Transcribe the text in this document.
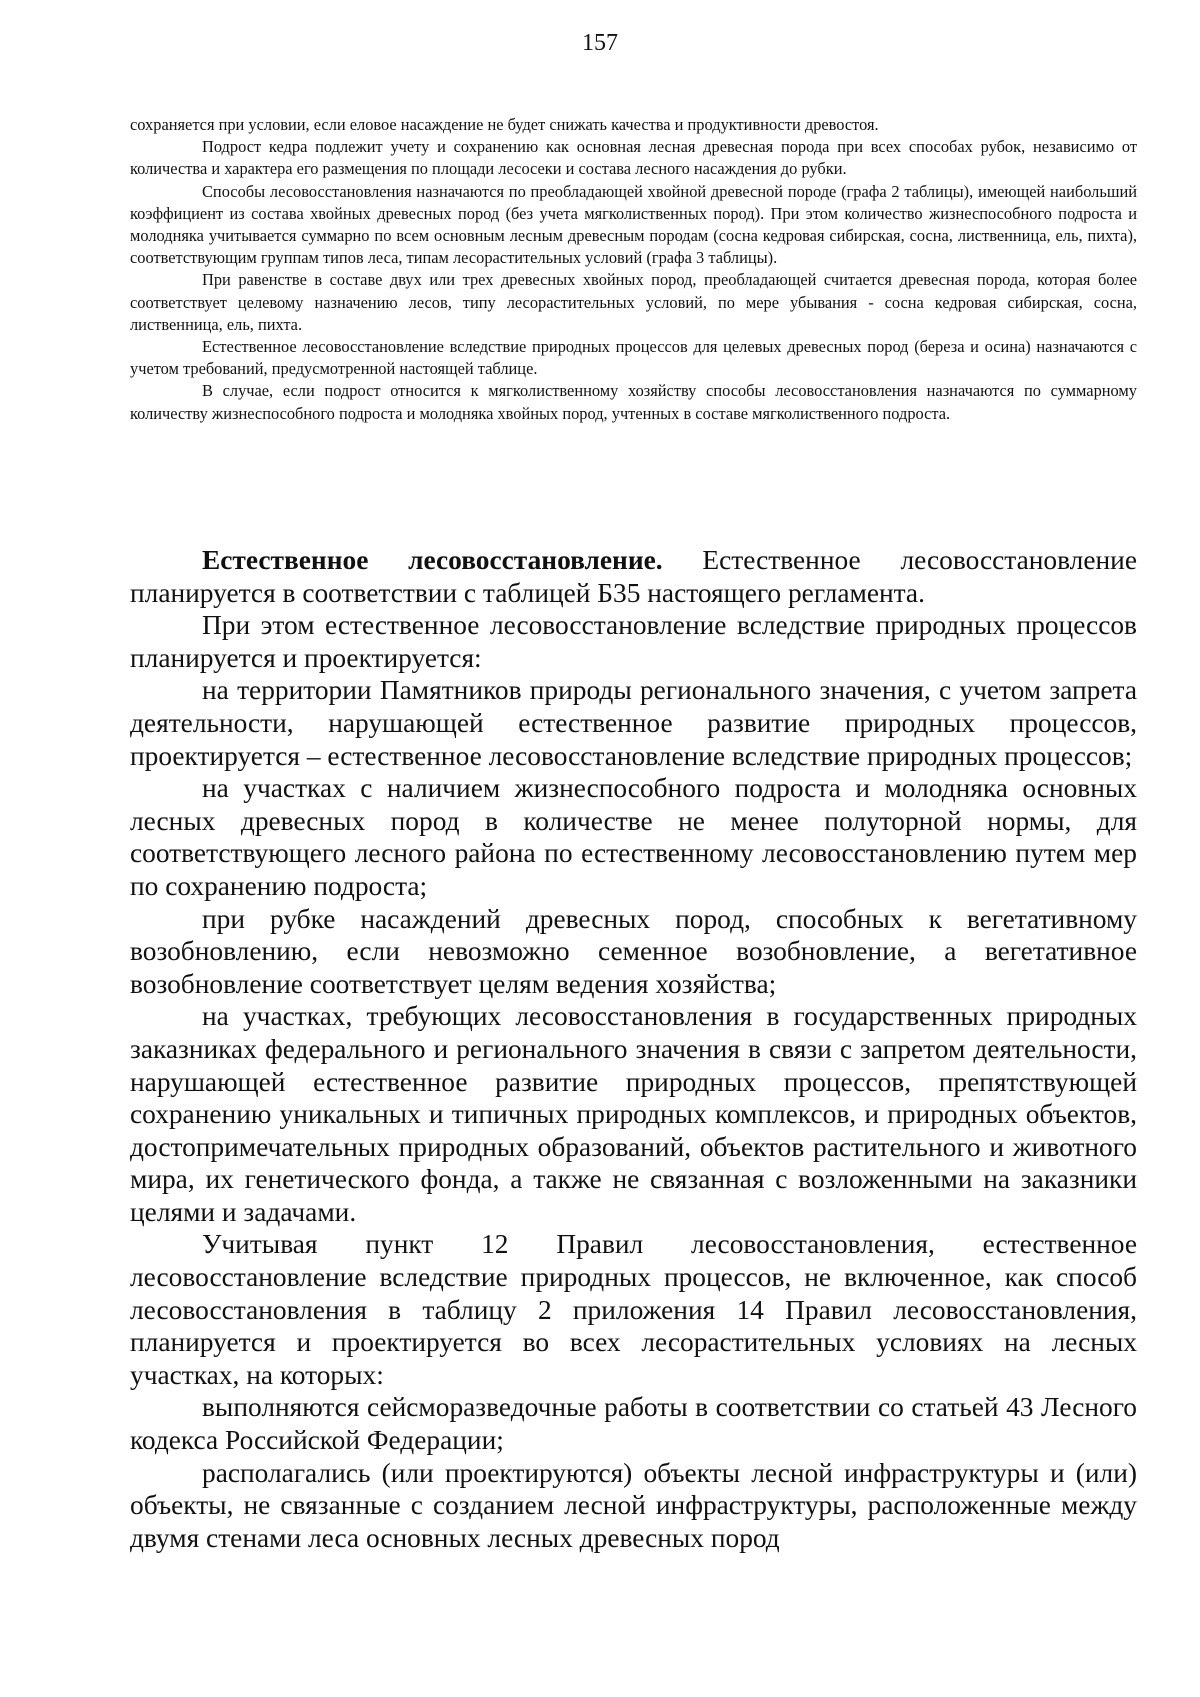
157

сохраняется при условии, если еловое насаждение не будет снижать качества и продуктивности древостоя.

Подрост кедра подлежит учету и сохранению как основная лесная древесная порода при всех способах рубок, независимо от количества и характера его размещения по площади лесосеки и состава лесного насаждения до рубки.

Способы лесовосстановления назначаются по преобладающей хвойной древесной породе (графа 2 таблицы), имеющей наибольший коэффициент из состава хвойных древесных пород (без учета мягколиственных пород). При этом количество жизнеспособного подроста и молодняка учитывается суммарно по всем основным лесным древесным породам (сосна кедровая сибирская, сосна, лиственница, ель, пихта), соответствующим группам типов леса, типам лесорастительных условий (графа 3 таблицы).

При равенстве в составе двух или трех древесных хвойных пород, преобладающей считается древесная порода, которая более соответствует целевому назначению лесов, типу лесорастительных условий, по мере убывания - сосна кедровая сибирская, сосна, лиственница, ель, пихта.

Естественное лесовосстановление вследствие природных процессов для целевых древесных пород (береза и осина) назначаются с учетом требований, предусмотренной настоящей таблице.

В случае, если подрост относится к мягколиственному хозяйству способы лесовосстановления назначаются по суммарному количеству жизнеспособного подроста и молодняка хвойных пород, учтенных в составе мягколиственного подроста.

Естественное лесовосстановление. Естественное лесовосстановление планируется в соответствии с таблицей Б35 настоящего регламента.

При этом естественное лесовосстановление вследствие природных процессов планируется и проектируется:

на территории Памятников природы регионального значения, с учетом запрета деятельности, нарушающей естественное развитие природных процессов, проектируется – естественное лесовосстановление вследствие природных процессов;

на участках с наличием жизнеспособного подроста и молодняка основных лесных древесных пород в количестве не менее полуторной нормы, для соответствующего лесного района по естественному лесовосстановлению путем мер по сохранению подроста;

при рубке насаждений древесных пород, способных к вегетативному возобновлению, если невозможно семенное возобновление, а вегетативное возобновление соответствует целям ведения хозяйства;

на участках, требующих лесовосстановления в государственных природных заказниках федерального и регионального значения в связи с запретом деятельности, нарушающей естественное развитие природных процессов, препятствующей сохранению уникальных и типичных природных комплексов, и природных объектов, достопримечательных природных образований, объектов растительного и животного мира, их генетического фонда, а также не связанная с возложенными на заказники целями и задачами.

Учитывая пункт 12 Правил лесовосстановления, естественное лесовосстановление вследствие природных процессов, не включенное, как способ лесовосстановления в таблицу 2 приложения 14 Правил лесовосстановления, планируется и проектируется во всех лесорастительных условиях на лесных участках, на которых:

выполняются сейсморазведочные работы в соответствии со статьей 43 Лесного кодекса Российской Федерации;

располагались (или проектируются) объекты лесной инфраструктуры и (или) объекты, не связанные с созданием лесной инфраструктуры, расположенные между двумя стенами леса основных лесных древесных пород
